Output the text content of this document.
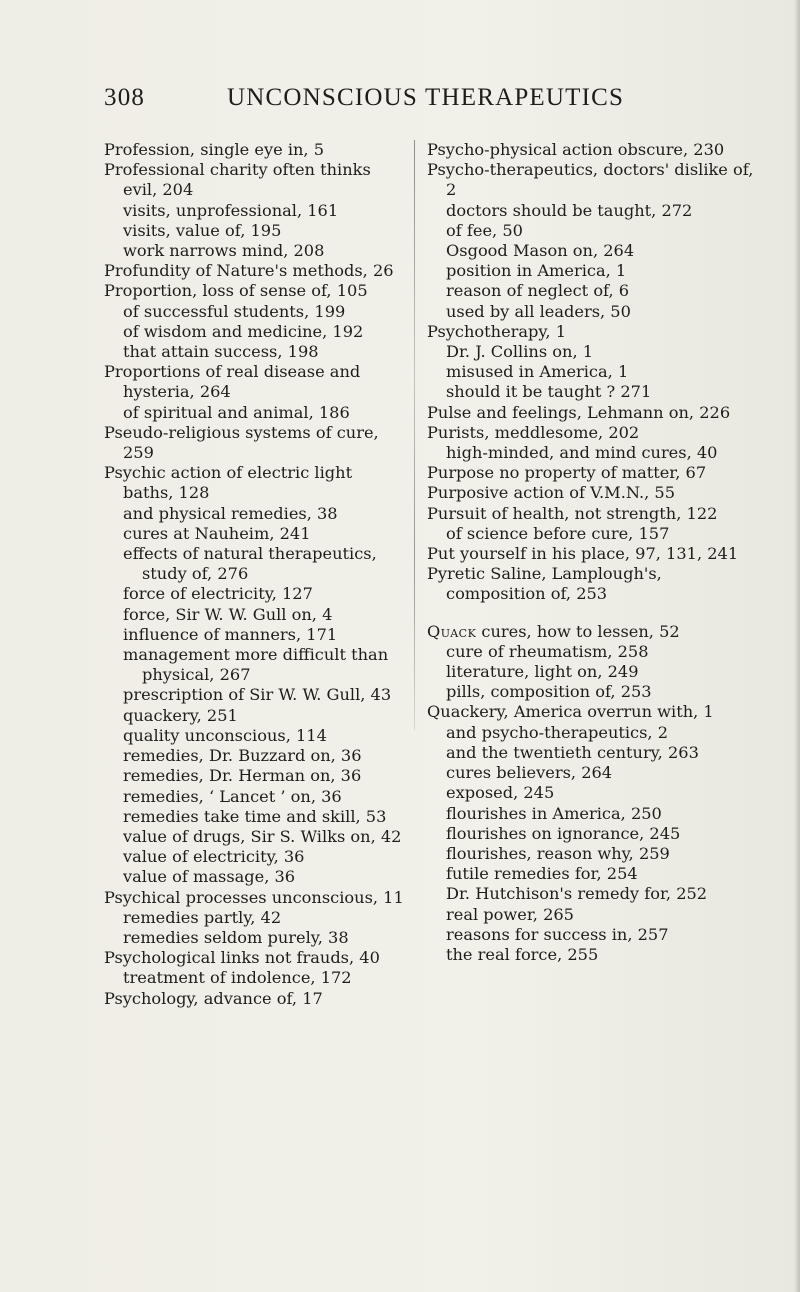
308	UNCONSCIOUS THERAPEUTICS

Profession, single eye in, 5

Professional charity often thinks evil, 204

visits, unprofessional, 161

visits, value of, 195

work narrows mind, 208

Profundity of Nature's methods, 26

Proportion, loss of sense of, 105

of successful students, 199

of wisdom and medicine, 192

that attain success, 198

Proportions of real disease and hysteria, 264

of spiritual and animal, 186

Pseudo-religious systems of cure, 259

Psychic action of electric light baths, 128

and physical remedies, 38

cures at Nauheim, 241

effects of natural therapeutics, study of, 276

force of electricity, 127

force, Sir W. W. Gull on, 4

influence of manners, 171

management more difficult than physical, 267

prescription of Sir W. W. Gull, 43

quackery, 251

quality unconscious, 114

remedies, Dr. Buzzard on, 36

remedies, Dr. Herman on, 36

remedies, ‘ Lancet ’ on, 36

remedies take time and skill, 53

value of drugs, Sir S. Wilks on, 42

value of electricity, 36

value of massage, 36

Psychical processes unconscious, 11

remedies partly, 42

remedies seldom purely, 38

Psychological links not frauds, 40

treatment of indolence, 172

Psychology, advance of, 17

Psycho-physical action obscure, 230

Psycho-therapeutics, doctors' dislike of, 2

doctors should be taught, 272

of fee, 50

Osgood Mason on, 264

position in America, 1

reason of neglect of, 6

used by all leaders, 50

Psychotherapy, 1

Dr. J. Collins on, 1

misused in America, 1

should it be taught ? 271

Pulse and feelings, Lehmann on, 226

Purists, meddlesome, 202

high-minded, and mind cures, 40

Purpose no property of matter, 67

Purposive action of V.M.N., 55

Pursuit of health, not strength, 122

of science before cure, 157

Put yourself in his place, 97, 131, 241

Pyretic Saline, Lamplough's, composition of, 253

Quack cures, how to lessen, 52

cure of rheumatism, 258

literature, light on, 249

pills, composition of, 253

Quackery, America overrun with, 1

and psycho-therapeutics, 2

and the twentieth century, 263

cures believers, 264

exposed, 245

flourishes in America, 250

flourishes on ignorance, 245

flourishes, reason why, 259

futile remedies for, 254

Dr. Hutchison's remedy for, 252

real power, 265

reasons for success in, 257

the real force, 255
